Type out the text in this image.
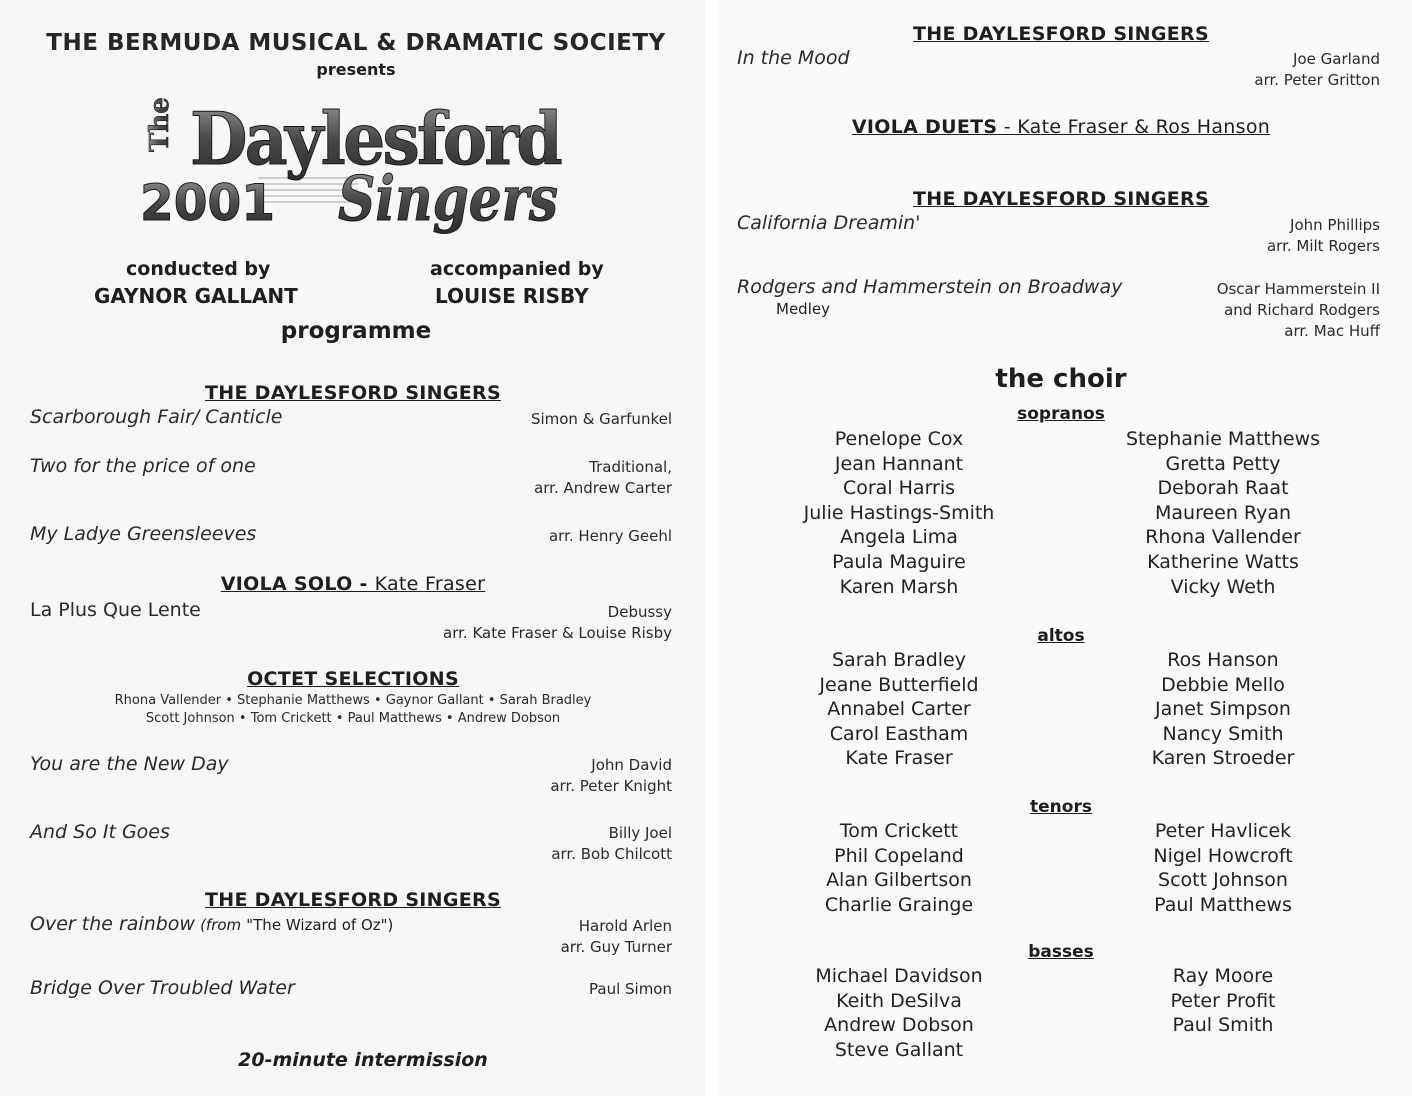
THE BERMUDA MUSICAL & DRAMATIC SOCIETY
presents
The Daylesford
2001 Singers
conducted by
GAYNOR GALLANT
accompanied by
LOUISE RISBY
programme
THE DAYLESFORD SINGERS
Scarborough Fair/ Canticle	Simon & Garfunkel
Two for the price of one	Traditional,
arr. Andrew Carter
My Ladye Greensleeves	arr. Henry Geehl
VIOLA SOLO - Kate Fraser
La Plus Que Lente	Debussy
arr. Kate Fraser & Louise Risby
OCTET SELECTIONS
Rhona Vallender • Stephanie Matthews • Gaynor Gallant • Sarah Bradley
Scott Johnson • Tom Crickett • Paul Matthews • Andrew Dobson
You are the New Day	John David
arr. Peter Knight
And So It Goes	Billy Joel
arr. Bob Chilcott
THE DAYLESFORD SINGERS
Over the rainbow (from "The Wizard of Oz")	Harold Arlen
arr. Guy Turner
Bridge Over Troubled Water	Paul Simon
20-minute intermission
THE DAYLESFORD SINGERS
In the Mood	Joe Garland
arr. Peter Gritton
VIOLA DUETS - Kate Fraser & Ros Hanson
THE DAYLESFORD SINGERS
California Dreamin'	John Phillips
arr. Milt Rogers
Rodgers and Hammerstein on Broadway
Medley
Oscar Hammerstein II
and Richard Rodgers
arr. Mac Huff
the choir
sopranos
Penelope Cox
Jean Hannant
Coral Harris
Julie Hastings-Smith
Angela Lima
Paula Maguire
Karen Marsh
Stephanie Matthews
Gretta Petty
Deborah Raat
Maureen Ryan
Rhona Vallender
Katherine Watts
Vicky Weth
altos
Sarah Bradley
Jeane Butterfield
Annabel Carter
Carol Eastham
Kate Fraser
Ros Hanson
Debbie Mello
Janet Simpson
Nancy Smith
Karen Stroeder
tenors
Tom Crickett
Phil Copeland
Alan Gilbertson
Charlie Grainge
Peter Havlicek
Nigel Howcroft
Scott Johnson
Paul Matthews
basses
Michael Davidson
Keith DeSilva
Andrew Dobson
Steve Gallant
Ray Moore
Peter Profit
Paul Smith
